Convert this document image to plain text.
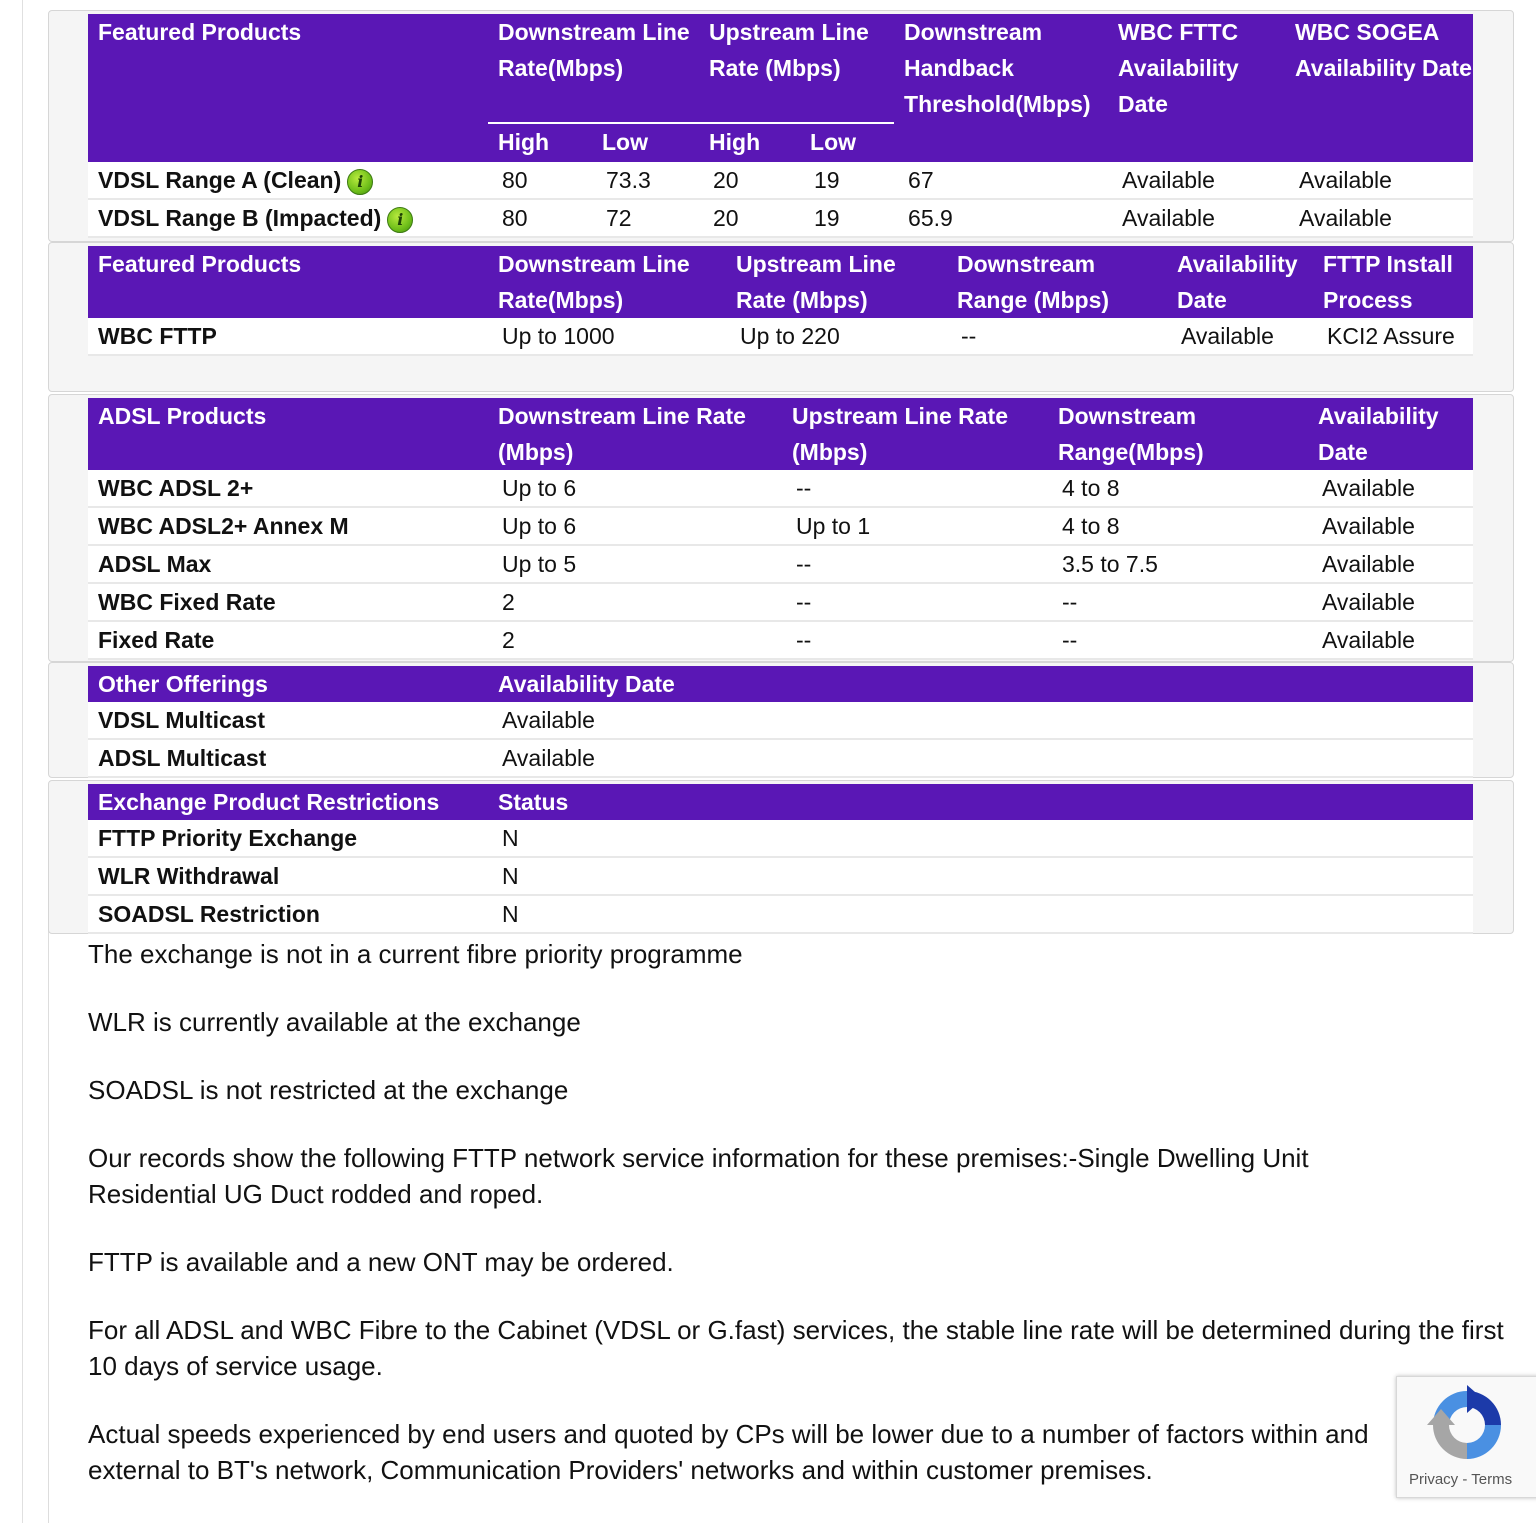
Featured Products	Downstream Line Rate(Mbps)		Upstream Line Rate (Mbps)		Downstream Handback Threshold(Mbps)	WBC FTTC Availability Date	WBC SOGEA Availability Date

	High	Low	High	Low			

VDSL Range A (Clean) i	80	73.3	20	19	67	Available	Available
VDSL Range B (Impacted) i	80	72	20	19	65.9	Available	Available
Featured Products	Downstream Line Rate(Mbps)	Upstream Line Rate (Mbps)	Downstream Range (Mbps)	Availability Date	FTTP Install Process
WBC FTTP	Up to 1000	Up to 220	--	Available	KCI2 Assure
ADSL Products	Downstream Line Rate (Mbps)	Upstream Line Rate (Mbps)	Downstream Range(Mbps)	Availability Date
WBC ADSL 2+	Up to 6	--	4 to 8	Available
WBC ADSL2+ Annex M	Up to 6	Up to 1	4 to 8	Available
ADSL Max	Up to 5	--	3.5 to 7.5	Available
WBC Fixed Rate	2	--	--	Available
Fixed Rate	2	--	--	Available
Other Offerings	Availability Date
VDSL Multicast	Available
ADSL Multicast	Available
Exchange Product Restrictions	Status
FTTP Priority Exchange	N
WLR Withdrawal	N
SOADSL Restriction	N

The exchange is not in a current fibre priority programme

WLR is currently available at the exchange

SOADSL is not restricted at the exchange

Our records show the following FTTP network service information for these premises:-Single Dwelling Unit Residential UG Duct rodded and roped.

FTTP is available and a new ONT may be ordered.

For all ADSL and WBC Fibre to the Cabinet (VDSL or G.fast) services, the stable line rate will be determined during the first 10 days of service usage.

Actual speeds experienced by end users and quoted by CPs will be lower due to a number of factors within and external to BT's network, Communication Providers' networks and within customer premises.	Privacy - Terms
